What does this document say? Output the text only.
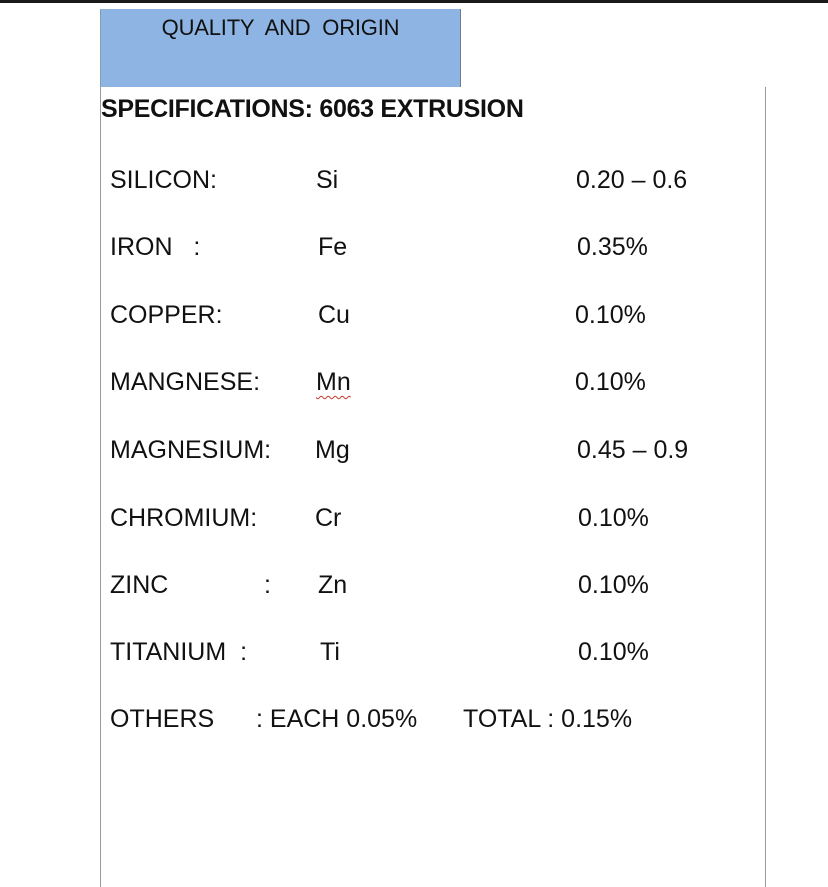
QUALITY  AND  ORIGIN
SPECIFICATIONS: 6063 EXTRUSION
SILICON:	Si	0.20 – 0.6
IRON   :	Fe	0.35%
COPPER:	Cu	0.10%
MANGNESE: Mn	0.10%
MAGNESIUM: Mg	0.45 – 0.9
CHROMIUM: Cr	0.10%
ZINC	: Zn	0.10%
TITANIUM  :	Ti	0.10%
OTHERS : EACH 0.05% TOTAL : 0.15%
